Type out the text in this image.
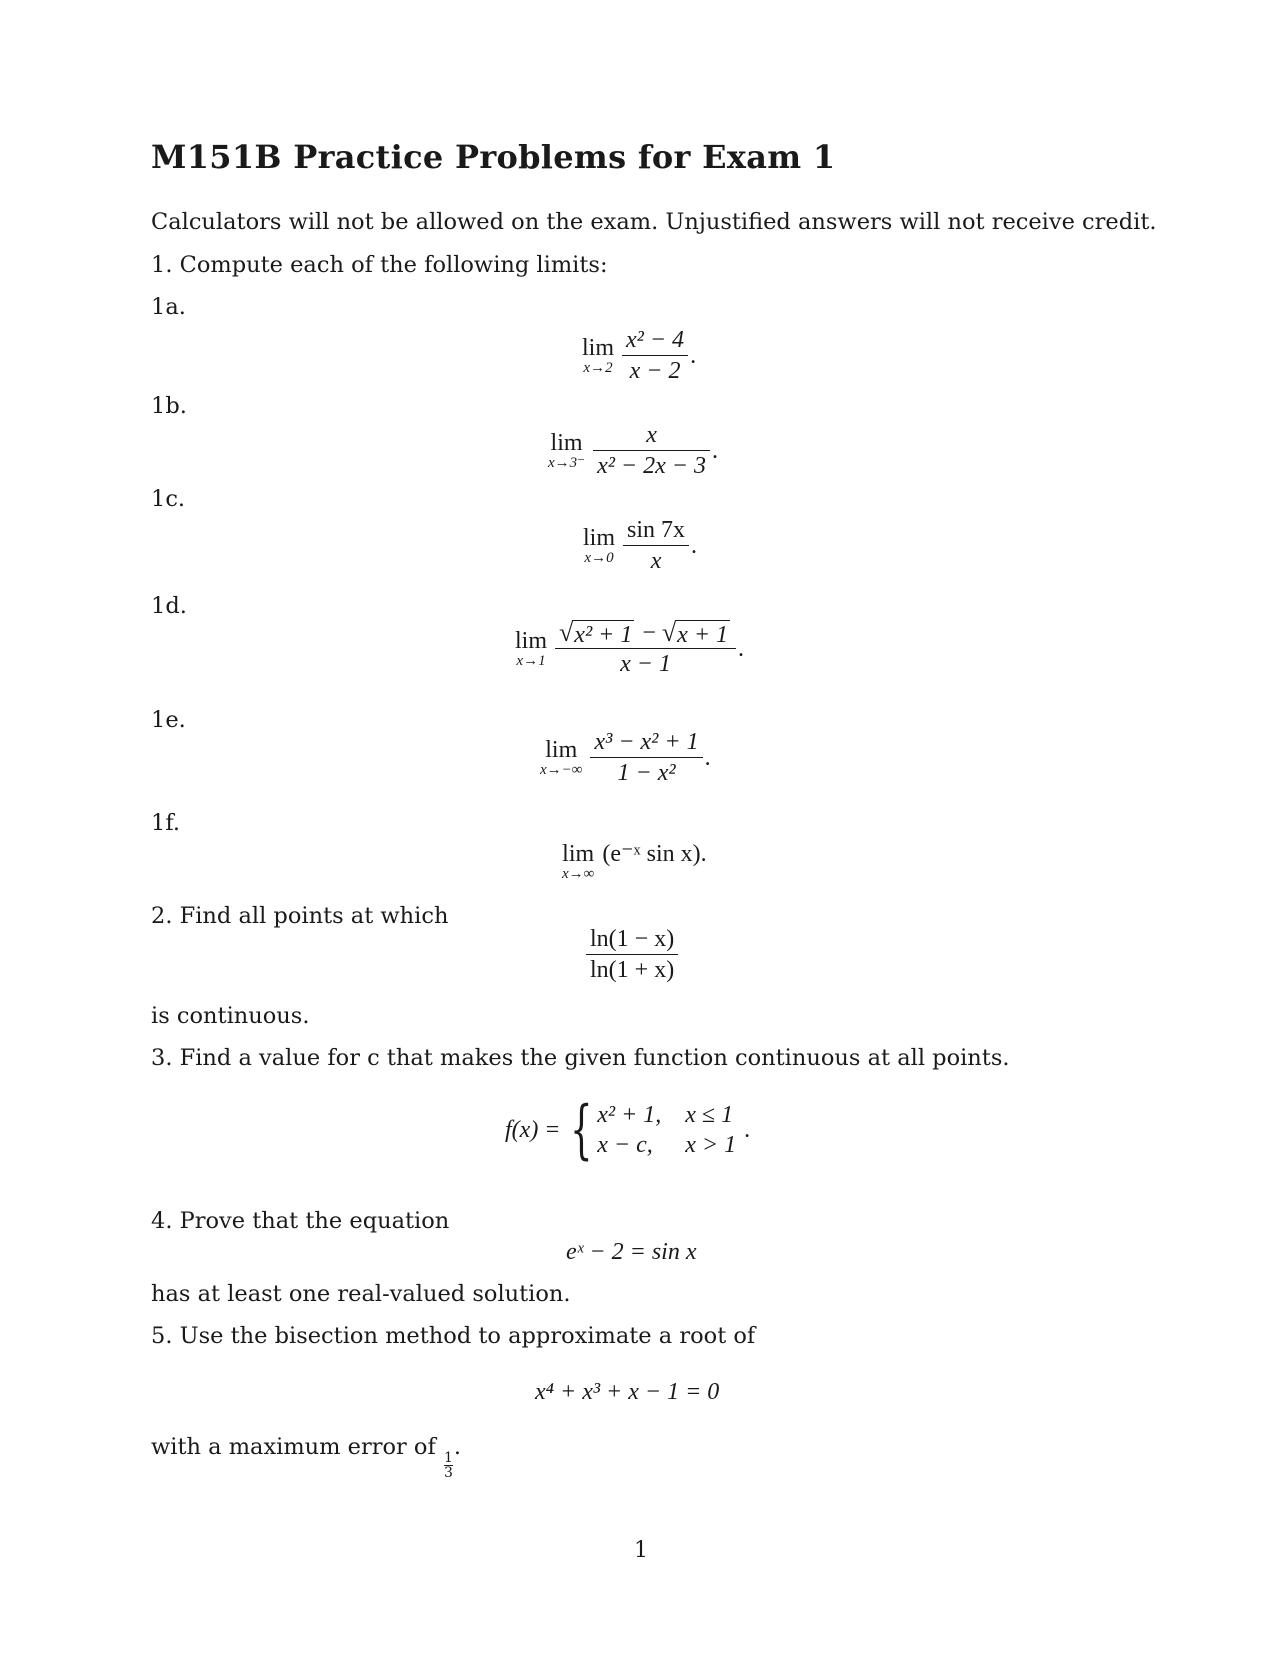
M151B Practice Problems for Exam 1

Calculators will not be allowed on the exam. Unjustified answers will not receive credit.

1. Compute each of the following limits:

1a.

lim
$x\to 2 \frac{\text{x² − 4}}{x - 2}$ .

1b.

lim
$x\to 3^- \frac{x}{\text{x² − 2x − 3}}$ .

1c.

lim
$x\to 0 \frac{\sin 7x}{x}$ .

1d.

lim
x→1
√ x² + 1 − √ x + 1
x − 1
.

1e.

lim
$x\to-\infty \frac{\text{x³ − x² + 1}}{\text{1 − x²}}$ .

1f.

lim
x→∞
(e⁻ˣ sin x).

2. Find all points at which

$\frac{\ln(1 - x)}{\ln(1 + x)}$

is continuous.

3. Find a value for c that makes the given function continuous at all points.

f(x) = { x² + 1, x ≤ 1
x − c,	x > 1
.

4. Prove that the equation

eˣ − 2 = sin x

has at least one real-valued solution.

5. Use the bisection method to approximate a root of

x⁴ + x³ + x − 1 = 0

with a maximum error of
$\frac{1}{3}$
.

1
